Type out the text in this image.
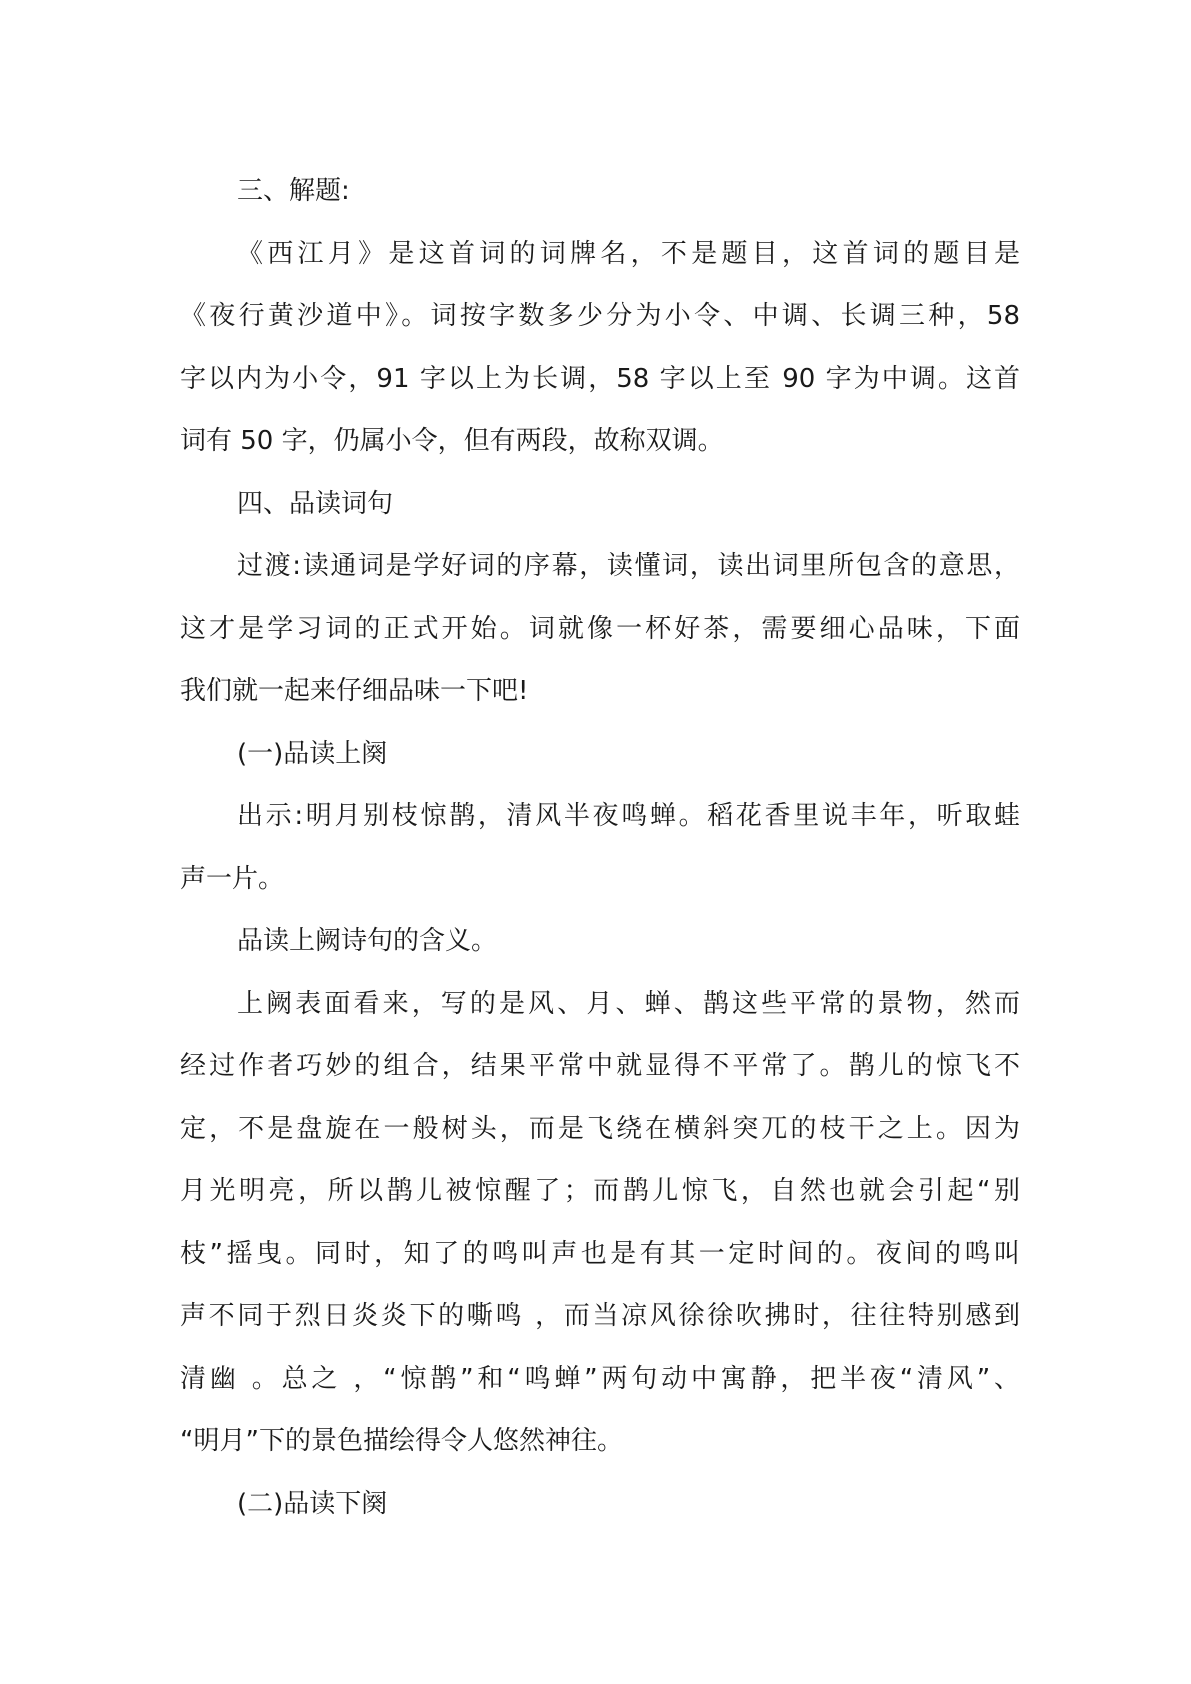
三、解题:
《西江月》是这首词的词牌名，不是题目，这首词的题目是
《夜行黄沙道中》。词按字数多少分为小令、中调、长调三种，58
字以内为小令，91 字以上为长调，58 字以上至 90 字为中调。这首
词有 50 字，仍属小令，但有两段，故称双调。
四、品读词句
过渡:读通词是学好词的序幕，读懂词，读出词里所包含的意思，
这才是学习词的正式开始。词就像一杯好茶，需要细心品味，下面
我们就一起来仔细品味一下吧!
(一)品读上阕
出示:明月别枝惊鹊，清风半夜鸣蝉。稻花香里说丰年，听取蛙
声一片。
品读上阙诗句的含义。
上阙表面看来，写的是风、月、蝉、鹊这些平常的景物，然而
经过作者巧妙的组合，结果平常中就显得不平常了。鹊儿的惊飞不
定，不是盘旋在一般树头，而是飞绕在横斜突兀的枝干之上。因为
月光明亮，所以鹊儿被惊醒了；而鹊儿惊飞，自然也就会引起“别
枝”摇曳。同时，知了的鸣叫声也是有其一定时间的。夜间的鸣叫
声不同于烈日炎炎下的嘶鸣 ，而当凉风徐徐吹拂时，往往特别感到
清幽 。总之 ，“惊鹊”和“鸣蝉”两句动中寓静，把半夜“清风”、
“明月”下的景色描绘得令人悠然神往。
(二)品读下阕
